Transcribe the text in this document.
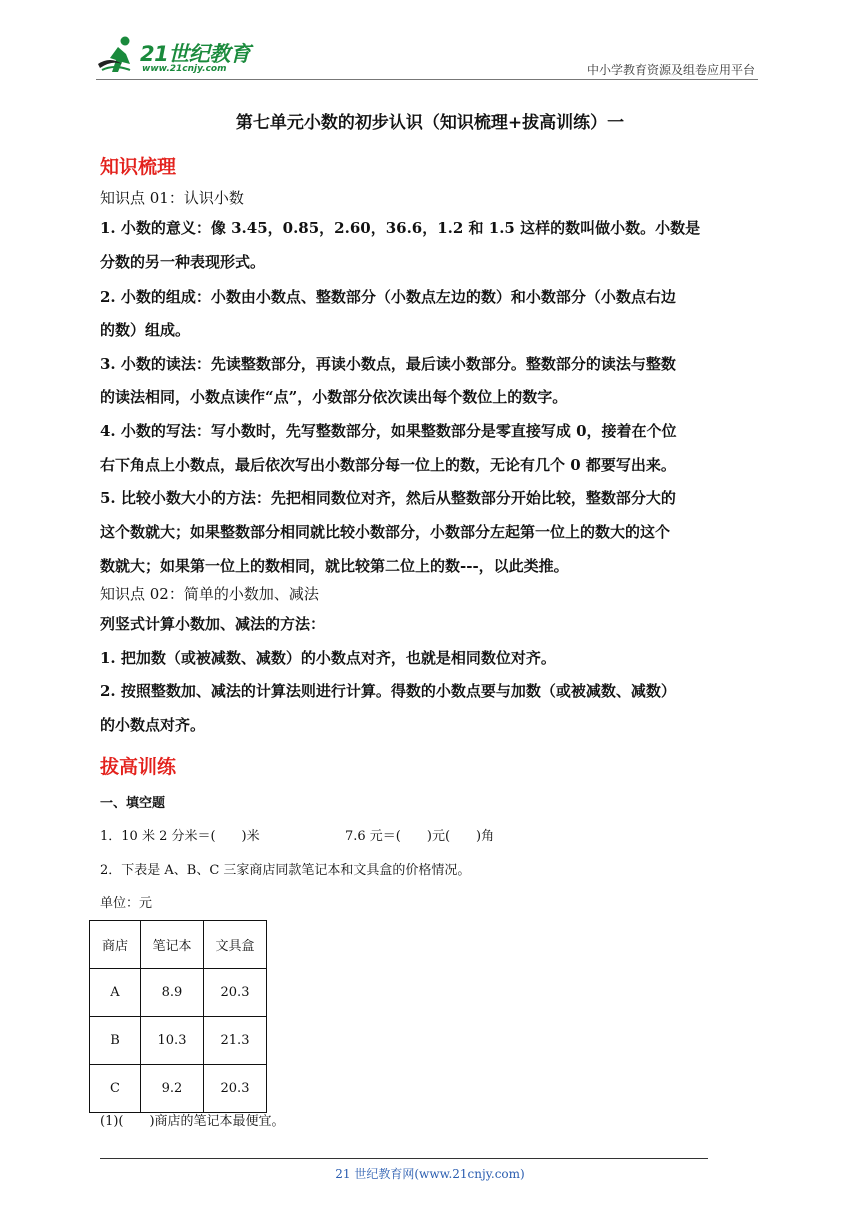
21世纪教育
www.21cnjy.com	中小学教育资源及组卷应用平台
第七单元小数的初步认识（知识梳理+拔高训练）一
知识梳理
知识点 01：认识小数
1. 小数的意义：像 3.45，0.85，2.60，36.6，1.2 和 1.5 这样的数叫做小数。小数是
分数的另一种表现形式。
2. 小数的组成：小数由小数点、整数部分（小数点左边的数）和小数部分（小数点右边
的数）组成。
3. 小数的读法：先读整数部分，再读小数点，最后读小数部分。整数部分的读法与整数
的读法相同，小数点读作“点”，小数部分依次读出每个数位上的数字。
4. 小数的写法：写小数时，先写整数部分，如果整数部分是零直接写成 0，接着在个位
右下角点上小数点，最后依次写出小数部分每一位上的数，无论有几个 0 都要写出来。
5. 比较小数大小的方法：先把相同数位对齐，然后从整数部分开始比较，整数部分大的
这个数就大；如果整数部分相同就比较小数部分，小数部分左起第一位上的数大的这个
数就大；如果第一位上的数相同，就比较第二位上的数---，以此类推。
知识点 02：简单的小数加、减法
列竖式计算小数加、减法的方法：
1. 把加数（或被减数、减数）的小数点对齐，也就是相同数位对齐。
2. 按照整数加、减法的计算法则进行计算。得数的小数点要与加数（或被减数、减数）
的小数点对齐。
拔高训练
一、填空题
1．10 米 2 分米＝(　　)米	7.6 元＝(　　)元(　　)角
2．下表是 A、B、C 三家商店同款笔记本和文具盒的价格情况。
单位：元
商店	笔记本	文具盒
A	8.9	20.3
B	10.3	21.3
C	9.2	20.3
(1)(　　)商店的笔记本最便宜。
21 世纪教育网(www.21cnjy.com)
